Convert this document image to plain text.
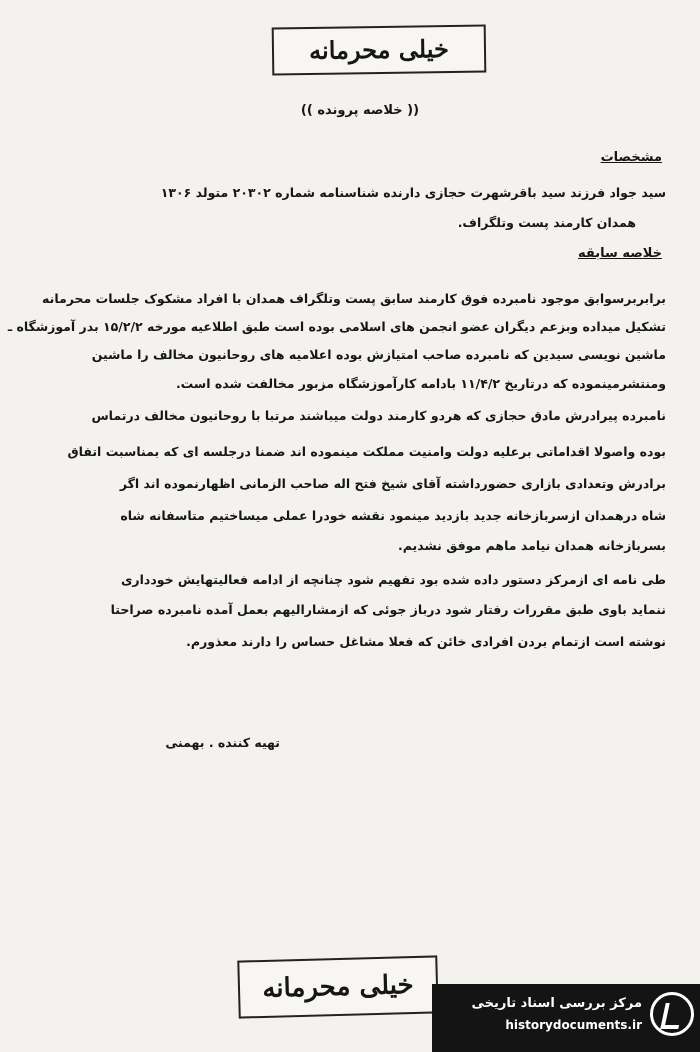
خیلی محرمانه
(( خلاصه پرونده ))
مشخصات
سید جواد فرزند سید باقرشهرت حجازی دارنده شناسنامه شماره ۲۰۳۰۲ متولد ۱۳۰۶
همدان کارمند پست وتلگراف.
خلاصه سابقه
برابربرسوابق موجود نامبرده فوق کارمند سابق پست وتلگراف همدان با افراد مشکوک جلسات محرمانه
تشکیل میداده وبزعم دیگران عضو انجمن های اسلامی بوده است طبق اطلاعیه مورخه ۱۵/۲/۲ بدر آموزشگاه ـ
ماشین نویسی سیدین که نامبرده صاحب امتیازش بوده اعلامیه های روحانیون مخالف را ماشین
ومنتشرمینموده که درتاریخ ۱۱/۴/۲ بادامه کارآموزشگاه مزبور مخالفت شده است.
نامبرده پیرادرش مادق حجازی که هردو کارمند دولت میباشند مرتبا با روحانیون مخالف درتماس
بوده واصولا اقداماتی برعلیه دولت وامنیت مملکت مینموده اند ضمنا درجلسه ای که بمناسبت اتفاق
برادرش وتعدادی بازاری حضورداشته آقای شیخ فتح اله صاحب الزمانی اظهارنموده اند اگر
شاه درهمدان ازسربازخانه جدید بازدید مینمود نقشه خودرا عملی میساختیم متاسفانه شاه
بسربازخانه همدان نیامد ماهم موفق نشدیم.
طی نامه ای ازمرکز دستور داده شده بود تفهیم شود چنانچه از ادامه فعالیتهایش خودداری
ننماید باوی طبق مقررات رفتار شود درباز جوئی که ازمشارالیهم بعمل آمده نامبرده صراحتا
نوشته است ازتمام بردن افرادی خائن که فعلا مشاغل حساس را دارند معذورم.
تهیه کننده . بهمنی
خیلی محرمانه	مرکز بررسی اسناد تاریخی
historydocuments.ir
